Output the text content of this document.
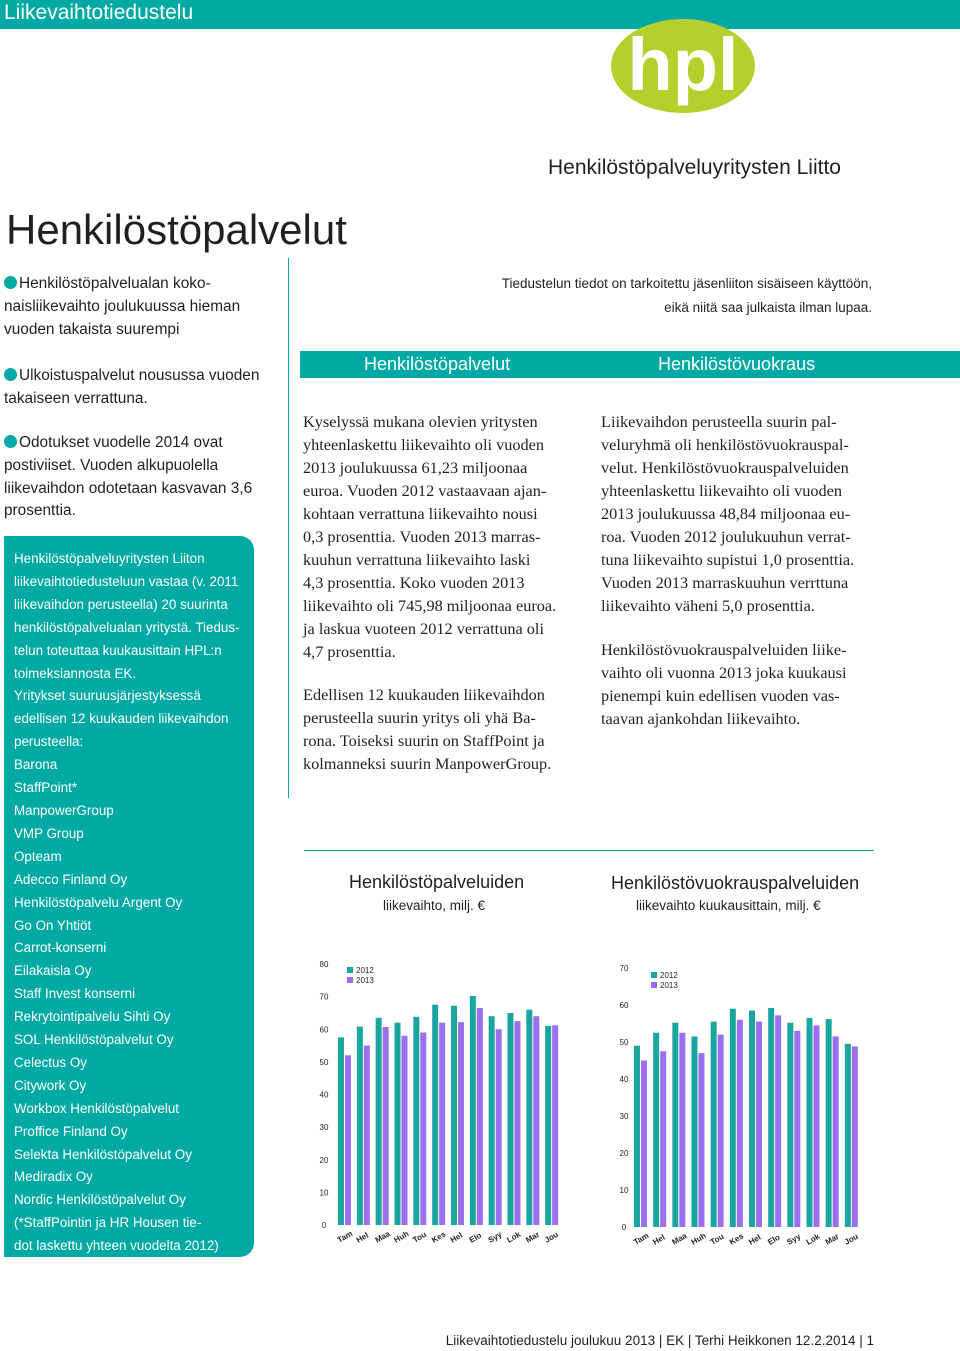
Liikevaihtotiedustelu
hpl
Henkilöstöpalveluyritysten Liitto
Henkilöstöpalvelut
Henkilöstöpalvelualan koko-
naisliikevaihto joulukuussa hieman
vuoden takaista suurempi
Ulkoistuspalvelut nousussa vuoden
takaiseen verrattuna.
Odotukset vuodelle 2014 ovat
postiviiset. Vuoden alkupuolella
liikevaihdon odotetaan kasvavan 3,6
prosenttia.
Henkilöstöpalveluyritysten Liiton
liikevaihtotiedusteluun vastaa (v. 2011
liikevaihdon perusteella) 20 suurinta
henkilöstöpalvelualan yritystä. Tiedus-
telun toteuttaa kuukausittain HPL:n
toimeksiannosta EK.
Yritykset suuruusjärjestyksessä
edellisen 12 kuukauden liikevaihdon
perusteella:
Barona
StaffPoint*
ManpowerGroup
VMP Group
Opteam
Adecco Finland Oy
Henkilöstöpalvelu Argent Oy
Go On Yhtiöt
Carrot-konserni
Eilakaisla Oy
Staff Invest konserni
Rekrytointipalvelu Sihti Oy
SOL Henkilöstöpalvelut Oy
Celectus Oy
Citywork Oy
Workbox Henkilöstöpalvelut
Proffice Finland Oy
Selekta Henkilöstöpalvelut Oy
Mediradix Oy
Nordic Henkilöstöpalvelut Oy
(*StaffPointin ja HR Housen tie-
dot laskettu yhteen vuodelta 2012)
Tiedustelun tiedot on tarkoitettu jäsenliiton sisäiseen käyttöön,
eikä niitä saa julkaista ilman lupaa.
Henkilöstöpalvelut	Henkilöstövuokraus
Kyselyssä mukana olevien yritysten
yhteenlaskettu liikevaihto oli vuoden
2013 joulukuussa 61,23 miljoonaa
euroa. Vuoden 2012 vastaavaan ajan-
kohtaan verrattuna liikevaihto nousi
0,3 prosenttia. Vuoden 2013 marras-
kuuhun verrattuna liikevaihto laski
4,3 prosenttia. Koko vuoden 2013
liikevaihto oli 745,98 miljoonaa euroa.
ja laskua vuoteen 2012 verrattuna oli
4,7 prosenttia.
Edellisen 12 kuukauden liikevaihdon
perusteella suurin yritys oli yhä Ba-
rona. Toiseksi suurin on StaffPoint ja
kolmanneksi suurin ManpowerGroup.
Liikevaihdon perusteella suurin pal-
veluryhmä oli henkilöstövuokrauspal-
velut. Henkilöstövuokrauspalveluiden
yhteenlaskettu liikevaihto oli vuoden
2013 joulukuussa 48,84 miljoonaa eu-
roa. Vuoden 2012 joulukuuhun verrat-
tuna liikevaihto supistui 1,0 prosenttia.
Vuoden 2013 marraskuuhun verrttuna
liikevaihto väheni 5,0 prosenttia.
Henkilöstövuokrauspalveluiden liike-
vaihto oli vuonna 2013 joka kuukausi
pienempi kuin edellisen vuoden vas-
taavan ajankohdan liikevaihto.
Henkilöstöpalveluiden
liikevaihto, milj. €
Henkilöstövuokrauspalveluiden
liikevaihto kuukausittain, milj. €
0
10
20
30
40
50
60
70
80
Tam Hel Maa Huh Tou Kes Hel Elo Syy Lok Mar Jou
2012
2013
0
10
20
30
40
50
60
70
Tam Hel Maa Huh Tou Kes Hel Elo Syy Lok Mar Jou
2012
2013
Liikevaihtotiedustelu joulukuu 2013 | EK | Terhi Heikkonen 12.2.2014 | 1
